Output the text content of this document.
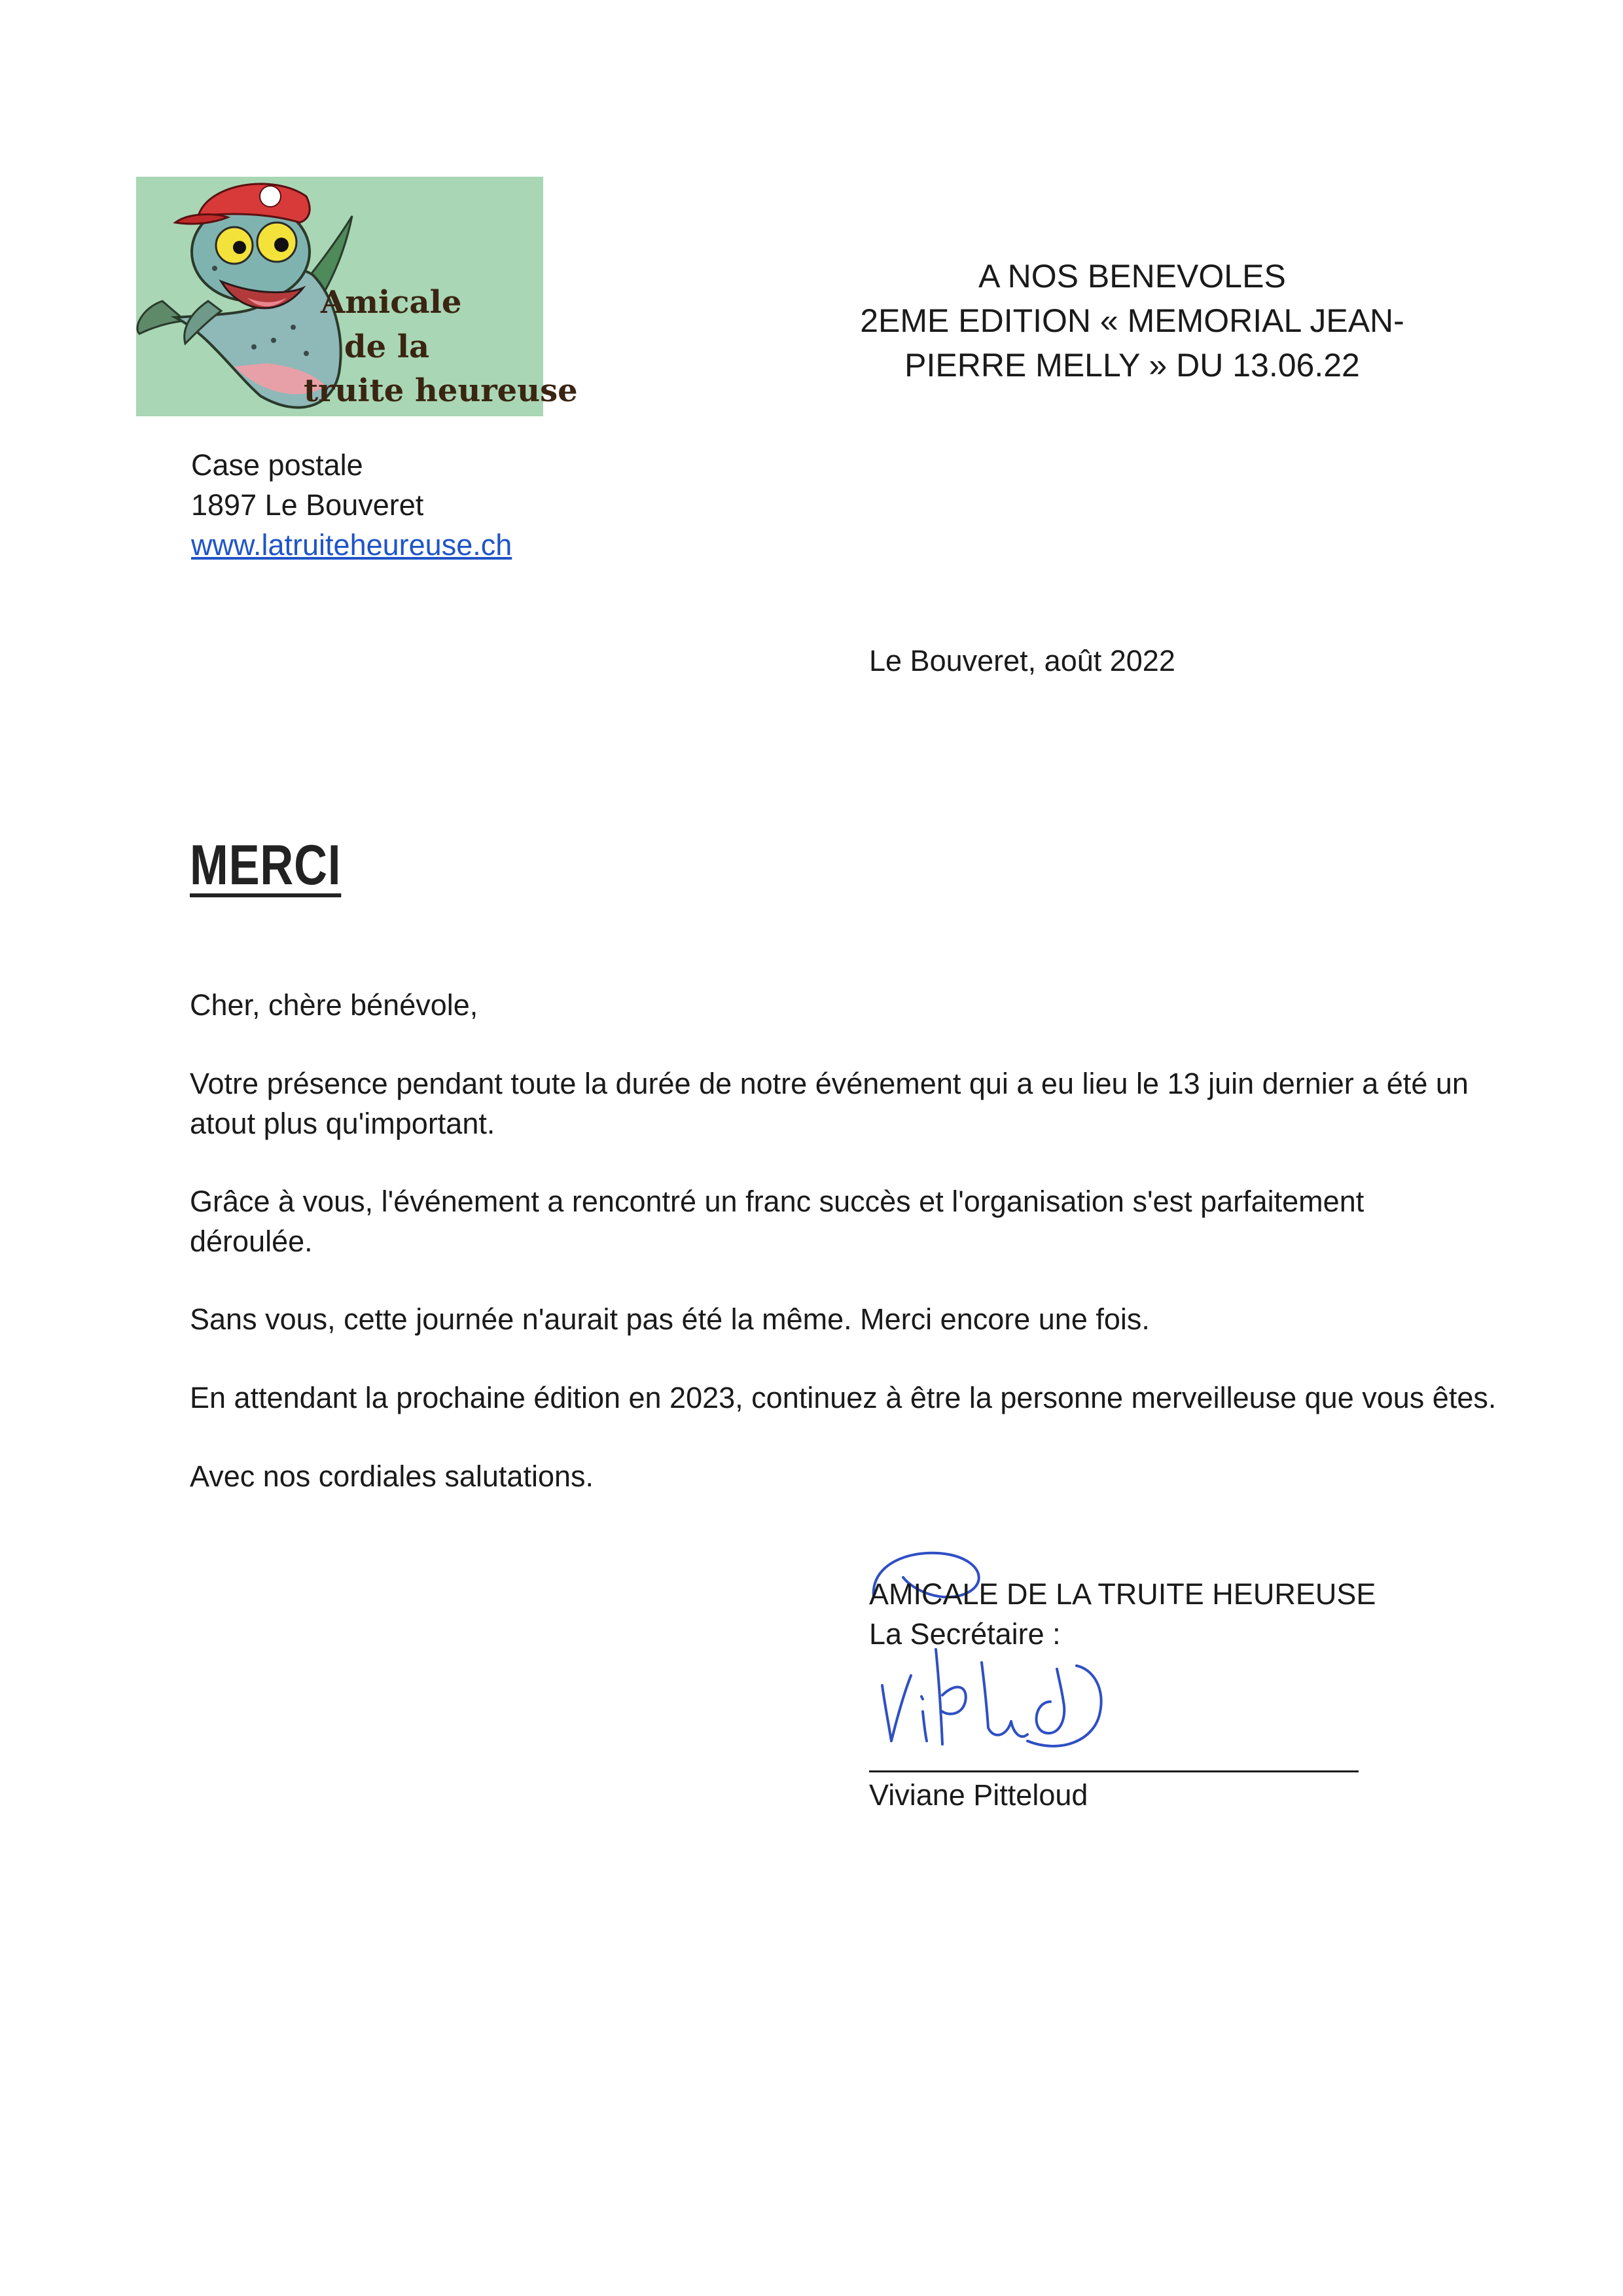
Amicale
de la
truite heureuse
A NOS BENEVOLES
2EME EDITION « MEMORIAL JEAN-
PIERRE MELLY » DU 13.06.22
Case postale
1897 Le Bouveret
www.latruiteheureuse.ch
Le Bouveret, août 2022
MERCI
Cher, chère bénévole,
Votre présence pendant toute la durée de notre événement qui a eu lieu le 13 juin dernier a été un
atout plus qu'important.
Grâce à vous, l'événement a rencontré un franc succès et l'organisation s'est parfaitement
déroulée.
Sans vous, cette journée n'aurait pas été la même. Merci encore une fois.
En attendant la prochaine édition en 2023, continuez à être la personne merveilleuse que vous êtes.
Avec nos cordiales salutations.
AMICALE DE LA TRUITE HEUREUSE
La Secrétaire :
Viviane Pitteloud
